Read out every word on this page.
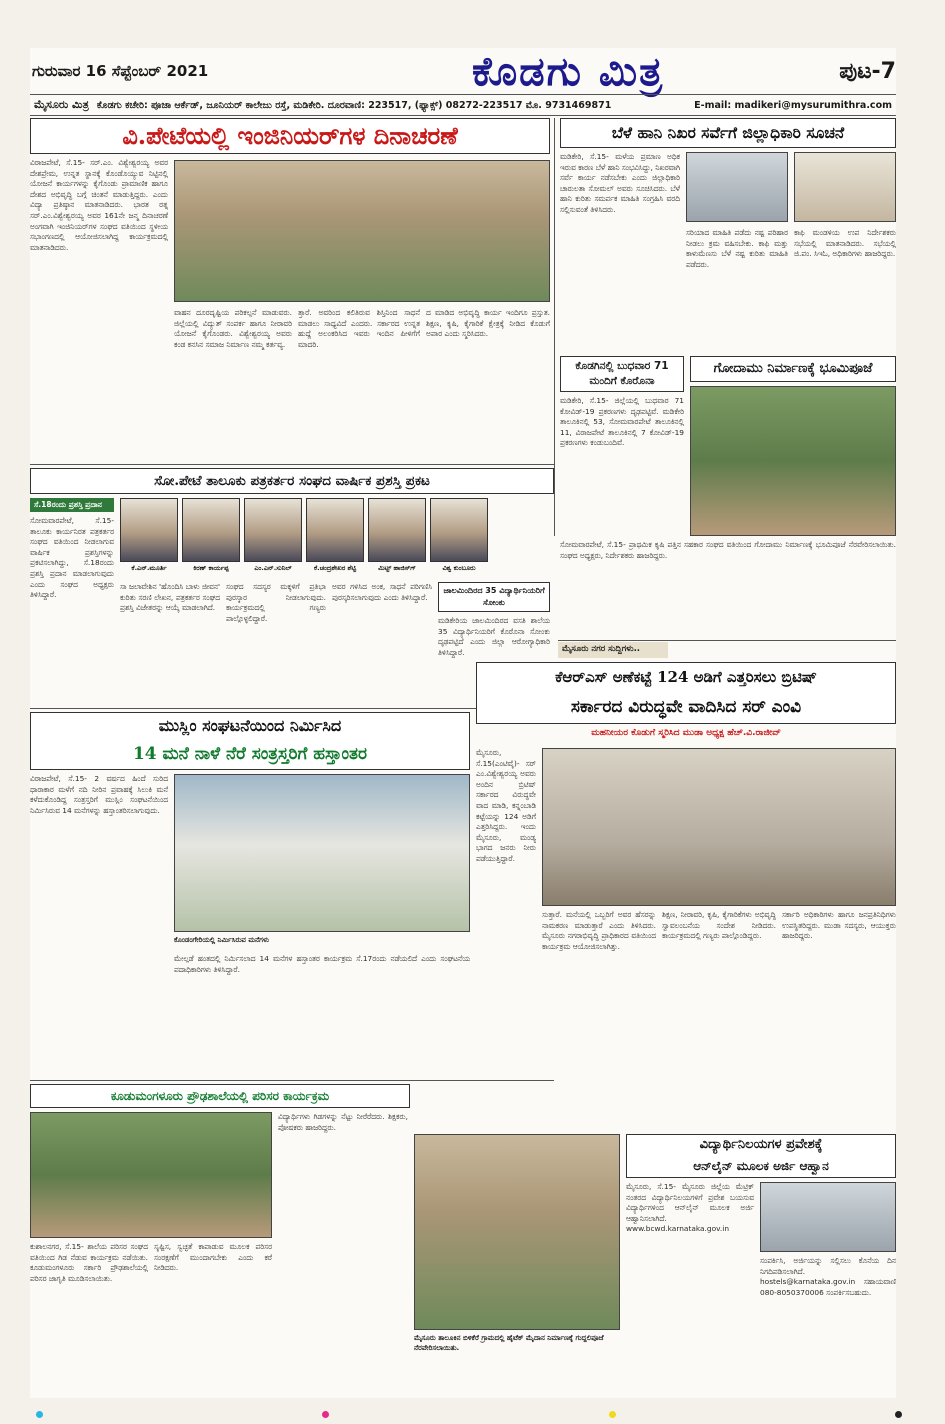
ಗುರುವಾರ 16 ಸೆಪ್ಟೆಂಬರ್ 2021	ಕೊಡಗು ಮಿತ್ರ	ಪುಟ-7
ಮೈಸೂರು ಮಿತ್ರ ಕೊಡಗು ಕಚೇರಿ: ಪೂಜಾ ಆರ್ಕೆಡ್, ಜೂನಿಯರ್ ಕಾಲೇಜು ರಸ್ತೆ, ಮಡಿಕೇರಿ. ದೂರವಾಣಿ: 223517, (ಫ್ಯಾಕ್ಸ್) 08272-223517 ಮೊ. 9731469871	E-mail: madikeri@mysurumithra.com
ವಿ.ಪೇಟೆಯಲ್ಲಿ ಇಂಜಿನಿಯರ್‌ಗಳ ದಿನಾಚರಣೆ
ವಿರಾಜಪೇಟೆ, ಸೆ.15- ಸರ್.ಎಂ. ವಿಶ್ವೇಶ್ವರಯ್ಯ ಅವರ ದೇಶಪ್ರೇಮ, ಉನ್ನತ ಸ್ಥಾನಕ್ಕೆ ಕೊಂಡೊಯ್ಯುವ ನಿಟ್ಟಿನಲ್ಲಿ ಯೋಜನೆ ಕಾರ್ಯಗಳನ್ನು ಕೈಗೊಂಡು ಪ್ರಾಮಾಣಿಕ ಹಾಗೂ ದೇಶದ ಅಭಿವೃದ್ಧಿ ಬಗ್ಗೆ ಚಿಂತನೆ ಮಾಡುತ್ತಿದ್ದರು. ಎಂದು ವಿದ್ಯಾ ಪ್ರತಿಷ್ಠಾನ ಮಾತನಾಡಿದರು. ಭಾರತ ರತ್ನ ಸರ್.ಎಂ.ವಿಶ್ವೇಶ್ವರಯ್ಯ ಅವರ 161ನೇ ಜನ್ಮ ದಿನಾಚರಣೆ ಅಂಗವಾಗಿ ಇಂಜಿನಿಯರ್‌ಗಳ ಸಂಘದ ವತಿಯಿಂದ ಸ್ಥಳೀಯ ಸಭಾಂಗಣದಲ್ಲಿ ಆಯೋಜಿಸಲಾಗಿದ್ದ ಕಾರ್ಯಕ್ರಮದಲ್ಲಿ ಮಾತನಾಡಿದರು.
ವಾಹನ ದೂರದೃಷ್ಟಿಯ ಪರಿಕಲ್ಪನೆ ಮಾಡುವರು. ಜಿಲ್ಲೆಯಲ್ಲಿ ವಿದ್ಯುತ್ ಸಂಪರ್ಕ ಹಾಗೂ ನೀರಾವರಿ ಯೋಜನೆ ಕೈಗೊಂಡರು. ವಿಶ್ವೇಶ್ವರಯ್ಯ ಅವರು ಕಂಡ ಕನಸಿನ ಸಮಾಜ ನಿರ್ಮಾಣ ನಮ್ಮ ಕರ್ತವ್ಯ.
ತ್ತಾರೆ. ಅವರಿಂದ ಕಲಿತಿರುವ ಶಿಸ್ತಿನಿಂದ ಸಾಧನೆ ಮಾಡಲು ಸಾಧ್ಯವಿದೆ ಎಂದರು. ಸರ್ಕಾರದ ಉನ್ನತ ಹುದ್ದೆ ಅಲಂಕರಿಸಿದ ಇವರು ಇಂದಿನ ಪೀಳಿಗೆಗೆ ಮಾದರಿ.
ದ ಮಾಡಿದ ಅಭಿವೃದ್ಧಿ ಕಾರ್ಯ ಇಂದಿಗೂ ಪ್ರಸ್ತುತ. ಶಿಕ್ಷಣ, ಕೃಷಿ, ಕೈಗಾರಿಕೆ ಕ್ಷೇತ್ರಕ್ಕೆ ನೀಡಿದ ಕೊಡುಗೆ ಅಪಾರ ಎಂದು ಸ್ಮರಿಸಿದರು.
ಬೆಳೆ ಹಾನಿ ನಿಖರ ಸರ್ವೆಗೆ ಜಿಲ್ಲಾಧಿಕಾರಿ ಸೂಚನೆ
ಮಡಿಕೇರಿ, ಸೆ.15- ಮಳೆಯ ಪ್ರಮಾಣ ಅಧಿಕ ಇರುವ ಕಾರಣ ಬೆಳೆ ಹಾನಿ ಸಂಭವಿಸಿದ್ದು, ನಿಖರವಾಗಿ ಸರ್ವೆ ಕಾರ್ಯ ನಡೆಸಬೇಕು ಎಂದು ಜಿಲ್ಲಾಧಿಕಾರಿ ಚಾರುಲತಾ ಸೋಮಲ್ ಅವರು ಸೂಚಿಸಿದರು. ಬೆಳೆ ಹಾನಿ ಕುರಿತು ಸಮರ್ಪಕ ಮಾಹಿತಿ ಸಂಗ್ರಹಿಸಿ ವರದಿ ಸಲ್ಲಿಸುವಂತೆ ತಿಳಿಸಿದರು.
ಸರಿಯಾದ ಮಾಹಿತಿ ಪಡೆದು ನಷ್ಟ ಪರಿಹಾರ ನೀಡಲು ಕ್ರಮ ವಹಿಸಬೇಕು. ಕಾಫಿ ಮತ್ತು ಕಾಳುಮೆಣಸು ಬೆಳೆ ನಷ್ಟ ಕುರಿತು ಮಾಹಿತಿ ಪಡೆದರು.
ಕಾಫಿ ಮಂಡಳಿಯ ಉಪ ನಿರ್ದೇಶಕರು ಸಭೆಯಲ್ಲಿ ಮಾತನಾಡಿದರು. ಸಭೆಯಲ್ಲಿ ಜಿ.ಪಂ. ಸಿಇಓ, ಅಧಿಕಾರಿಗಳು ಹಾಜರಿದ್ದರು.
ಕೊಡಗಿನಲ್ಲಿ ಬುಧವಾರ 71 ಮಂದಿಗೆ ಕೊರೊನಾ
ಮಡಿಕೇರಿ, ಸೆ.15- ಜಿಲ್ಲೆಯಲ್ಲಿ ಬುಧವಾರ 71 ಕೋವಿಡ್-19 ಪ್ರಕರಣಗಳು ದೃಢಪಟ್ಟಿವೆ. ಮಡಿಕೇರಿ ತಾಲೂಕಿನಲ್ಲಿ 53, ಸೋಮವಾರಪೇಟೆ ತಾಲೂಕಿನಲ್ಲಿ 11, ವಿರಾಜಪೇಟೆ ತಾಲೂಕಿನಲ್ಲಿ 7 ಕೋವಿಡ್-19 ಪ್ರಕರಣಗಳು ಕಂಡುಬಂದಿವೆ.
ಗೋದಾಮು ನಿರ್ಮಾಣಕ್ಕೆ ಭೂಮಿಪೂಜೆ
ಸೋ.ಪೇಟೆ ತಾಲೂಕು ಪತ್ರಕರ್ತರ ಸಂಘದ ವಾರ್ಷಿಕ ಪ್ರಶಸ್ತಿ ಪ್ರಕಟ
ಸೆ.18ರಂದು ಪ್ರಶಸ್ತಿ ಪ್ರದಾನ
ಸೋಮವಾರಪೇಟೆ, ಸೆ.15- ತಾಲೂಕು ಕಾರ್ಯನಿರತ ಪತ್ರಕರ್ತರ ಸಂಘದ ವತಿಯಿಂದ ನೀಡಲಾಗುವ ವಾರ್ಷಿಕ ಪ್ರಶಸ್ತಿಗಳನ್ನು ಪ್ರಕಟಿಸಲಾಗಿದ್ದು, ಸೆ.18ರಂದು ಪ್ರಶಸ್ತಿ ಪ್ರದಾನ ಮಾಡಲಾಗುವುದು ಎಂದು ಸಂಘದ ಅಧ್ಯಕ್ಷರು ತಿಳಿಸಿದ್ದಾರೆ.
ಕೆ.ಎನ್.ಮೂರ್ತಿ	ಕಿರಣ್ ಕಾರ್ಯಪ್ಪ	ಎಂ.ಎನ್.ಸುನಿಲ್	ಕೆ.ಚಂದ್ರಶೇಖರ ಶೆಟ್ಟಿ	ಮಿಟ್ಟ್ ಹಾಜಿಸ್‌ಗ್	ವಿಶ್ವ ಕುಂಬೂರು
ಸಾ ಜಲಾವೇಶಿನ 'ಹೊಂದಿಸಿ ಬಾಳು ಜೀವನ' ಕುರಿತು ಸರಣಿ ಲೇಖನ, ಪತ್ರಕರ್ತರ ಸಂಘದ ಪ್ರಶಸ್ತಿ ವಿಜೇತರನ್ನು ಆಯ್ಕೆ ಮಾಡಲಾಗಿದೆ.
ಸಂಘದ ಸದಸ್ಯರ ಮಕ್ಕಳಿಗೆ ಪ್ರತಿಭಾ ಪುರಸ್ಕಾರ ನೀಡಲಾಗುವುದು. ಕಾರ್ಯಕ್ರಮದಲ್ಲಿ ಗಣ್ಯರು ಪಾಲ್ಗೊಳ್ಳಲಿದ್ದಾರೆ.
ಅವರ ಗಳಿಸಿದ ಅಂಕ, ಸಾಧನೆ ಪರಿಗಣಿಸಿ ಪುರಸ್ಕರಿಸಲಾಗುವುದು ಎಂದು ತಿಳಿಸಿದ್ದಾರೆ.
ಜಾಲಮಿಂದಿರದ 35 ವಿದ್ಯಾರ್ಥಿನಿಯರಿಗೆ ಸೋಂಕು
ಮಡಿಕೇರಿಯ ಜಾಲಮಿಂದಿರದ ವಸತಿ ಶಾಲೆಯ 35 ವಿದ್ಯಾರ್ಥಿನಿಯರಿಗೆ ಕೊರೊನಾ ಸೋಂಕು ದೃಢಪಟ್ಟಿದೆ ಎಂದು ಜಿಲ್ಲಾ ಆರೋಗ್ಯಾಧಿಕಾರಿ ತಿಳಿಸಿದ್ದಾರೆ.
ಸೋಮವಾರಪೇಟೆ, ಸೆ.15- ಪ್ರಾಥಮಿಕ ಕೃಷಿ ಪತ್ತಿನ ಸಹಕಾರ ಸಂಘದ ವತಿಯಿಂದ ಗೋದಾಮು ನಿರ್ಮಾಣಕ್ಕೆ ಭೂಮಿಪೂಜೆ ನೆರವೇರಿಸಲಾಯಿತು. ಸಂಘದ ಅಧ್ಯಕ್ಷರು, ನಿರ್ದೇಶಕರು ಹಾಜರಿದ್ದರು.
ಮೈಸೂರು ನಗರ ಸುದ್ದಿಗಳು..
ಮುಸ್ಲಿಂ ಸಂಘಟನೆಯಿಂದ ನಿರ್ಮಿಸಿದ
14 ಮನೆ ನಾಳೆ ನೆರೆ ಸಂತ್ರಸ್ತರಿಗೆ ಹಸ್ತಾಂತರ
ವಿರಾಜಪೇಟೆ, ಸೆ.15- 2 ವರ್ಷದ ಹಿಂದೆ ಸುರಿದ ಧಾರಾಕಾರ ಮಳೆಗೆ ನದಿ ನೀರಿನ ಪ್ರವಾಹಕ್ಕೆ ಸಿಲುಕಿ ಮನೆ ಕಳೆದುಕೊಂಡಿದ್ದ ಸಂತ್ರಸ್ತರಿಗೆ ಮುಸ್ಲಿಂ ಸಂಘಟನೆಯಿಂದ ನಿರ್ಮಿಸಿರುವ 14 ಮನೆಗಳನ್ನು ಹಸ್ತಾಂತರಿಸಲಾಗುವುದು.
ಕೊಂಡಂಗೇರಿಯಲ್ಲಿ ನಿರ್ಮಿಸಿರುವ ಮನೆಗಳು
ಮೇಲ್ಗಡೆ ಹಂತದಲ್ಲಿ ನಿರ್ಮಿಸಲಾದ 14 ಮನೆಗಳ ಹಸ್ತಾಂತರ ಕಾರ್ಯಕ್ರಮ ಸೆ.17ರಂದು ನಡೆಯಲಿದೆ ಎಂದು ಸಂಘಟನೆಯ ಪದಾಧಿಕಾರಿಗಳು ತಿಳಿಸಿದ್ದಾರೆ.
ಕೆಆರ್‌ಎಸ್ ಅಣೆಕಟ್ಟೆ 124 ಅಡಿಗೆ ಎತ್ತರಿಸಲು ಬ್ರಿಟಿಷ್
ಸರ್ಕಾರದ ವಿರುದ್ಧವೇ ವಾದಿಸಿದ ಸರ್ ಎಂವಿ
ಮಹನೀಯರ ಕೊಡುಗೆ ಸ್ಮರಿಸಿದ ಮುಡಾ ಅಧ್ಯಕ್ಷ ಹೆಚ್.ವಿ.ರಾಜೀವ್
ಮೈಸೂರು, ಸೆ.15(ಎಂಟಿವೈ)- ಸರ್ ಎಂ.ವಿಶ್ವೇಶ್ವರಯ್ಯ ಅವರು ಅಂದಿನ ಬ್ರಿಟಿಷ್ ಸರ್ಕಾರದ ವಿರುದ್ಧವೇ ವಾದ ಮಾಡಿ, ಕನ್ನಂಬಾಡಿ ಕಟ್ಟೆಯನ್ನು 124 ಅಡಿಗೆ ಎತ್ತರಿಸಿದ್ದರು. ಇಂದು ಮೈಸೂರು, ಮಂಡ್ಯ ಭಾಗದ ಜನರು ನೀರು ಪಡೆಯುತ್ತಿದ್ದಾರೆ.
ಸುತ್ತಾರೆ. ಮನೆಯಲ್ಲಿ ಒಬ್ಬರಿಗೆ ಅವರ ಹೆಸರನ್ನು ನಾಮಕರಣ ಮಾಡುತ್ತಾರೆ ಎಂದು ತಿಳಿಸಿದರು. ಮೈಸೂರು ನಗರಾಭಿವೃದ್ಧಿ ಪ್ರಾಧಿಕಾರದ ವತಿಯಿಂದ ಕಾರ್ಯಕ್ರಮ ಆಯೋಜಿಸಲಾಗಿತ್ತು.
ಶಿಕ್ಷಣ, ನೀರಾವರಿ, ಕೃಷಿ, ಕೈಗಾರಿಕೆಗಳು ಅಭಿವೃದ್ಧಿ ಸ್ವಾವಲಂಬನೆಯ ಸಂದೇಶ ನೀಡಿದರು. ಕಾರ್ಯಕ್ರಮದಲ್ಲಿ ಗಣ್ಯರು ಪಾಲ್ಗೊಂಡಿದ್ದರು.
ಸರ್ಕಾರಿ ಅಧಿಕಾರಿಗಳು ಹಾಗೂ ಜನಪ್ರತಿನಿಧಿಗಳು ಉಪಸ್ಥಿತರಿದ್ದರು. ಮುಡಾ ಸದಸ್ಯರು, ಆಯುಕ್ತರು ಹಾಜರಿದ್ದರು.
ಕೂಡುಮಂಗಳೂರು ಪ್ರೌಢಶಾಲೆಯಲ್ಲಿ ಪರಿಸರ ಕಾರ್ಯಕ್ರಮ
ಕುಶಾಲನಗರ, ಸೆ.15- ಶಾಲೆಯ ಪರಿಸರ ಸಂಘದ ವತಿಯಿಂದ ಗಿಡ ನೆಡುವ ಕಾರ್ಯಕ್ರಮ ನಡೆಯಿತು. ಕೂಡುಮಂಗಳೂರು ಸರ್ಕಾರಿ ಪ್ರೌಢಶಾಲೆಯಲ್ಲಿ ಪರಿಸರ ಜಾಗೃತಿ ಮೂಡಿಸಲಾಯಿತು.
ಸೃಷ್ಟಿಸ, ಸ್ವಚ್ಛತೆ ಕಾಪಾಡುವ ಮೂಲಕ ಪರಿಸರ ಸಂರಕ್ಷಣೆಗೆ ಮುಂದಾಗಬೇಕು ಎಂದು ಕರೆ ನೀಡಿದರು.
ವಿದ್ಯಾರ್ಥಿಗಳು ಗಿಡಗಳನ್ನು ನೆಟ್ಟು ನೀರೆರೆದರು. ಶಿಕ್ಷಕರು, ಪೋಷಕರು ಹಾಜರಿದ್ದರು.
ಮೈಸೂರು ತಾಲೂಕಿನ ಬಿಳಿಕೆರೆ ಗ್ರಾಮದಲ್ಲಿ ಹೈಟೆಕ್ ಮೈದಾನ ನಿರ್ಮಾಣಕ್ಕೆ ಗುದ್ದಲಿಪೂಜೆ ನೆರವೇರಿಸಲಾಯಿತು.
ವಿದ್ಯಾರ್ಥಿನಿಲಯಗಳ ಪ್ರವೇಶಕ್ಕೆ
ಆನ್‌ಲೈನ್ ಮೂಲಕ ಅರ್ಜಿ ಆಹ್ವಾನ
ಮೈಸೂರು, ಸೆ.15- ಮೈಸೂರು ಜಿಲ್ಲೆಯ ಮೆಟ್ರಿಕ್ ನಂತರದ ವಿದ್ಯಾರ್ಥಿನಿಲಯಗಳಿಗೆ ಪ್ರವೇಶ ಬಯಸುವ ವಿದ್ಯಾರ್ಥಿಗಳಿಂದ ಆನ್‌ಲೈನ್ ಮೂಲಕ ಅರ್ಜಿ ಆಹ್ವಾನಿಸಲಾಗಿದೆ. www.bcwd.karnataka.gov.in
ಸಂಪರ್ಕಿಸಿ, ಅರ್ಜಿಯನ್ನು ಸಲ್ಲಿಸಲು ಕೊನೆಯ ದಿನ ನಿಗದಿಪಡಿಸಲಾಗಿದೆ. hostels@karnataka.gov.in ಸಹಾಯವಾಣಿ 080-8050370006 ಸಂಪರ್ಕಿಸಬಹುದು.
